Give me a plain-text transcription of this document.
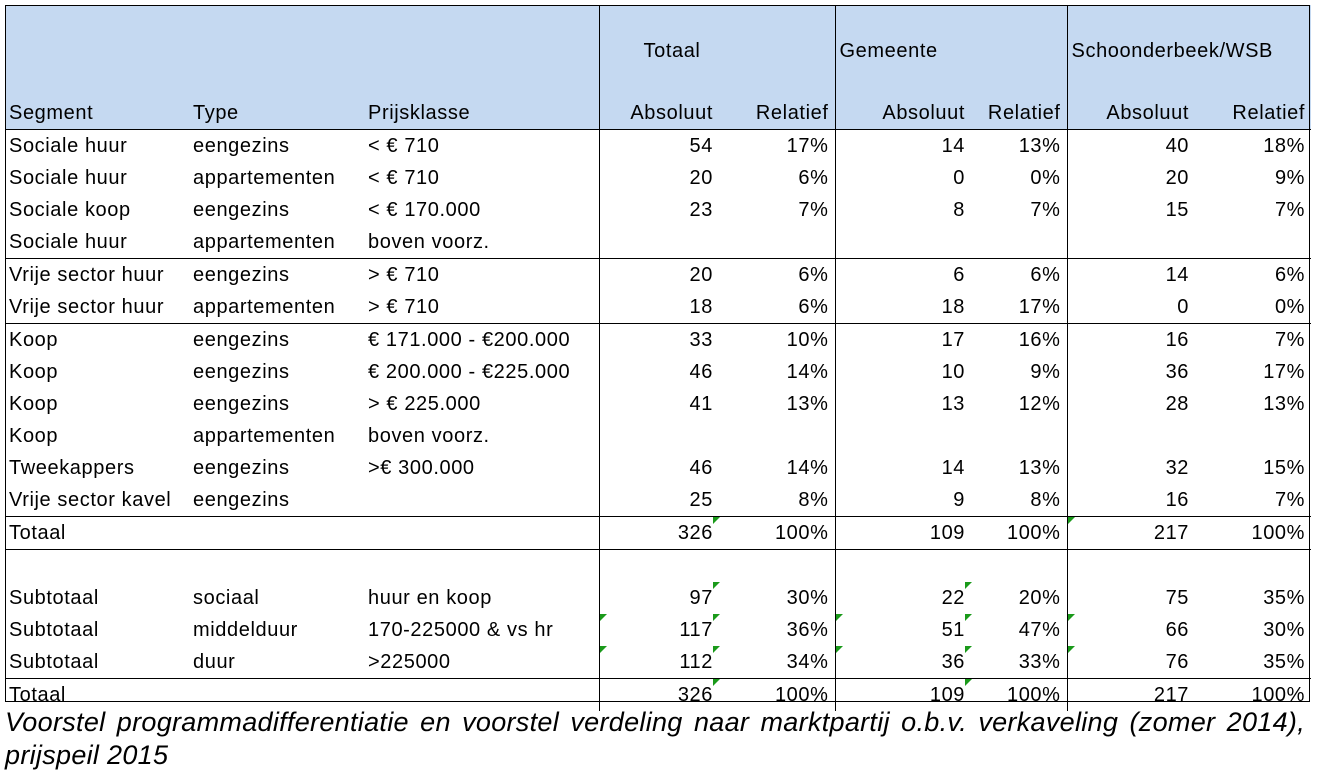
			Totaal		Gemeente		Schoonderbeek/WSB	
Segment	Type	Prijsklasse	Absoluut	Relatief	Absoluut	Relatief	Absoluut	Relatief
Sociale huur	eengezins	< € 710	54	17%	14	13%	40	18%
Sociale huur	appartementen	< € 710	20	6%	0	0%	20	9%
Sociale koop	eengezins	< € 170.000	23	7%	8	7%	15	7%
Sociale huur	appartementen	boven voorz.						
Vrije sector huur	eengezins	> € 710	20	6%	6	6%	14	6%
Vrije sector huur	appartementen	> € 710	18	6%	18	17%	0	0%
Koop	eengezins	€ 171.000 - €200.000	33	10%	17	16%	16	7%
Koop	eengezins	€ 200.000 - €225.000	46	14%	10	9%	36	17%
Koop	eengezins	> € 225.000	41	13%	13	12%	28	13%
Koop	appartementen	boven voorz.						
Tweekappers	eengezins	>€ 300.000	46	14%	14	13%	32	15%
Vrije sector kavel	eengezins		25	8%	9	8%	16	7%
Totaal			326	100%	109	100%	217	100%

Subtotaal	sociaal	huur en koop	97	30%	22	20%	75	35%
Subtotaal	middelduur	170-225000 & vs hr	117	36%	51	47%	66	30%
Subtotaal	duur	>225000	112	34%	36	33%	76	35%
Totaal			326	100%	109	100%	217	100%
Voorstel programmadifferentiatie en voorstel verdeling naar marktpartij o.b.v. verkaveling (zomer 2014), prijspeil 2015
